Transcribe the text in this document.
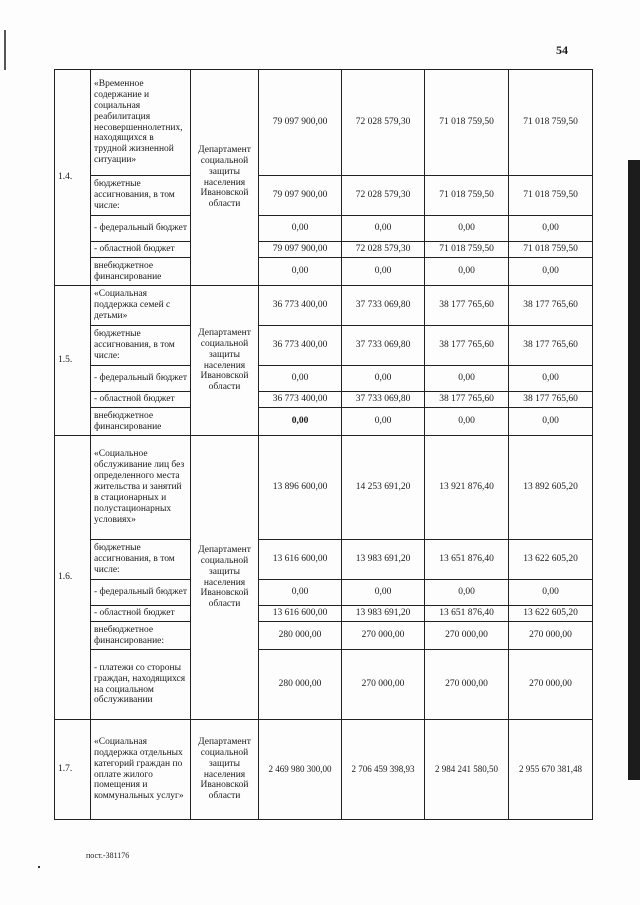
54
1.4.	«Временное содержание и социальная реабилитация несовершеннолетних, находящихся в трудной жизненной ситуации»	Департамент социальной защиты населения Ивановской области	79 097 900,00	72 028 579,30	71 018 759,50	71 018 759,50
	бюджетные ассигнования, в том числе:		79 097 900,00	72 028 579,30	71 018 759,50	71 018 759,50
	- федеральный бюджет		0,00	0,00	0,00	0,00
	- областной бюджет		79 097 900,00	72 028 579,30	71 018 759,50	71 018 759,50
	внебюджетное финансирование		0,00	0,00	0,00	0,00
1.5.	«Социальная поддержка семей с детьми»	Департамент социальной защиты населения Ивановской области	36 773 400,00	37 733 069,80	38 177 765,60	38 177 765,60
	бюджетные ассигнования, в том числе:		36 773 400,00	37 733 069,80	38 177 765,60	38 177 765,60
	- федеральный бюджет		0,00	0,00	0,00	0,00
	- областной бюджет		36 773 400,00	37 733 069,80	38 177 765,60	38 177 765,60
	внебюджетное финансирование		0,00	0,00	0,00	0,00
1.6.	«Социальное обслуживание лиц без определенного места жительства и занятий в стационарных и полустационарных условиях»	Департамент социальной защиты населения Ивановской области	13 896 600,00	14 253 691,20	13 921 876,40	13 892 605,20
	бюджетные ассигнования, в том числе:		13 616 600,00	13 983 691,20	13 651 876,40	13 622 605,20
	- федеральный бюджет		0,00	0,00	0,00	0,00
	- областной бюджет		13 616 600,00	13 983 691,20	13 651 876,40	13 622 605,20
	внебюджетное финансирование:		280 000,00	270 000,00	270 000,00	270 000,00
	- платежи со стороны граждан, находящихся на социальном обслуживании		280 000,00	270 000,00	270 000,00	270 000,00
1.7.	«Социальная поддержка отдельных категорий граждан по оплате жилого помещения и коммунальных услуг»	Департамент социальной защиты населения Ивановской области	2 469 980 300,00	2 706 459 398,93	2 984 241 580,50	2 955 670 381,48
пост.-381176
